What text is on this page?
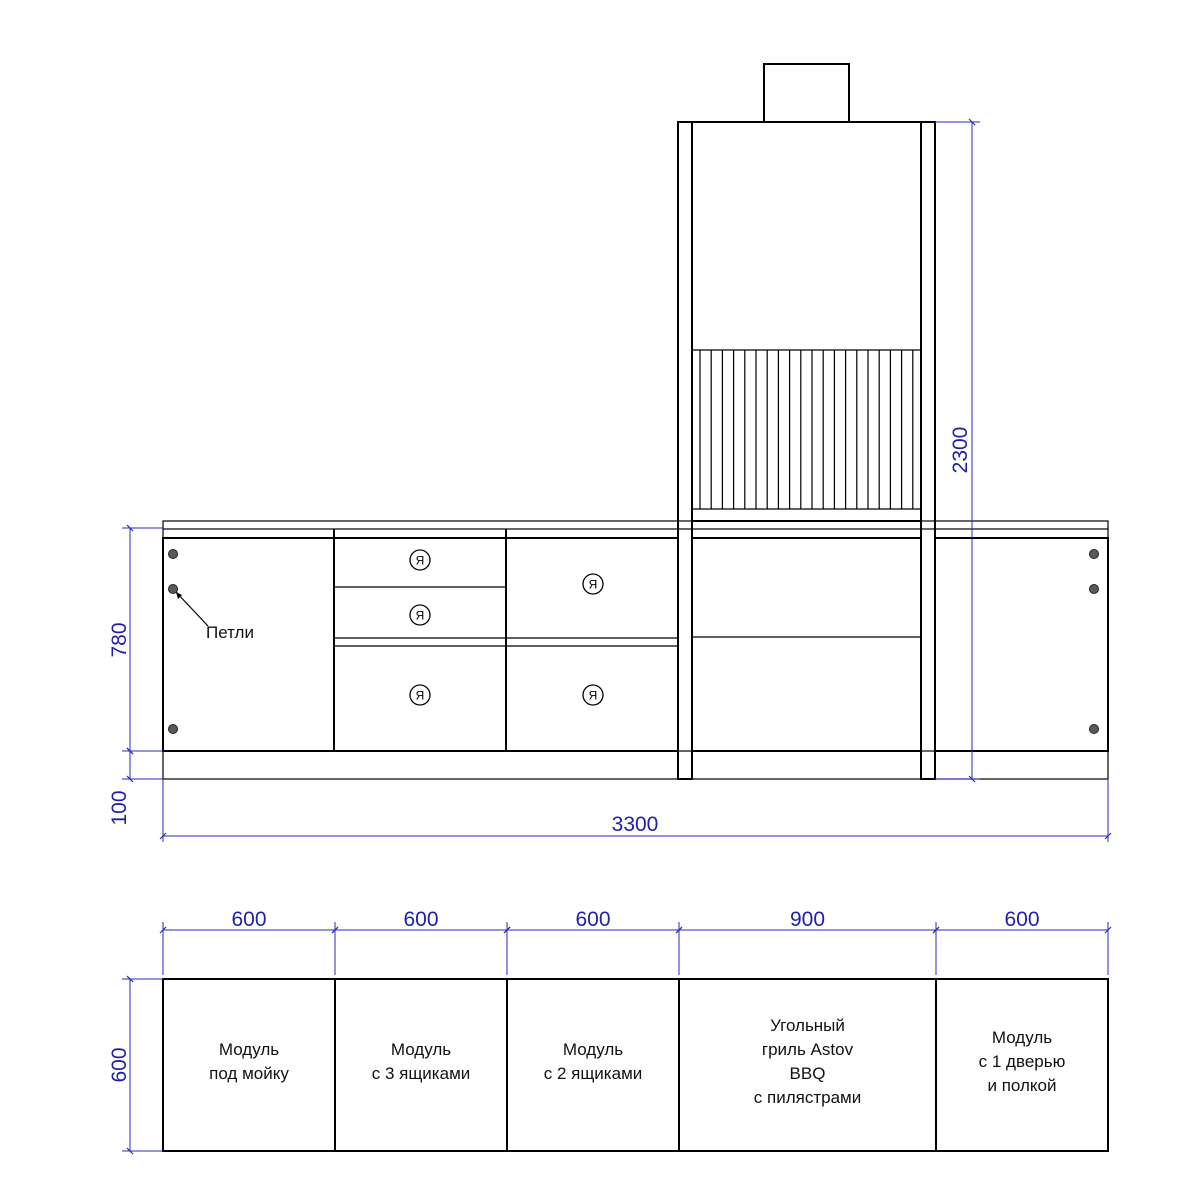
Петли
Я
Я
Я
Я
Я
780
100	3300
2300
Модуль
под мойку
600
Модуль
с 3 ящиками
600
Модуль
с 2 ящиками
600
Угольный
гриль Astov
BBQ
с пилястрами
900
Модуль
с 1 дверью
и полкой
600
600
